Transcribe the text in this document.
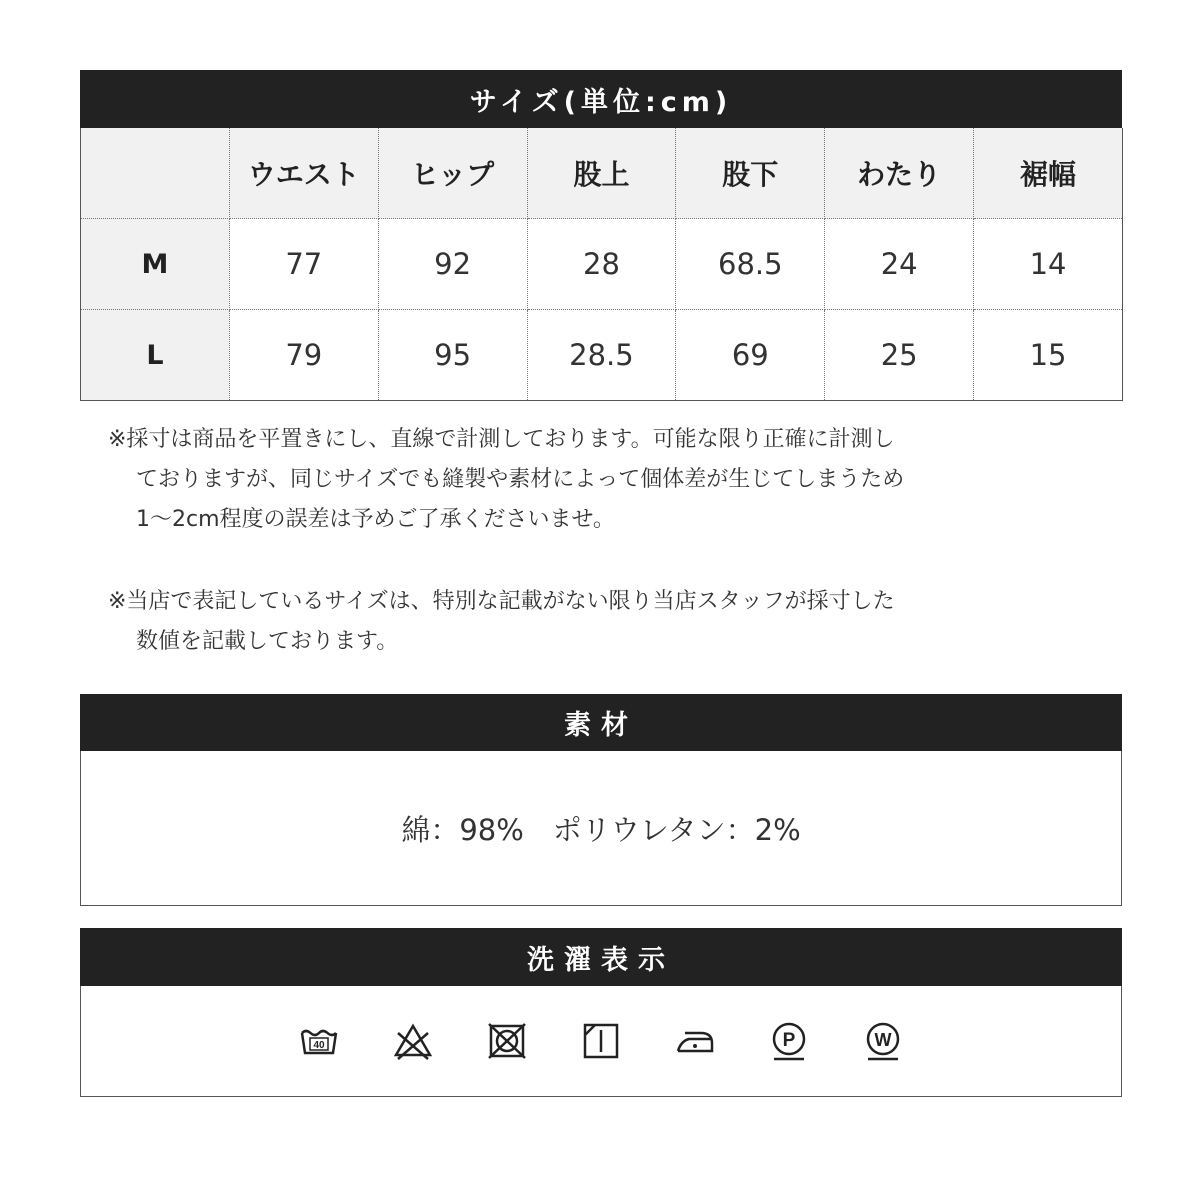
サイズ(単位:cm)
	ウエスト	ヒップ	股上	股下	わたり	裾幅
M	77	92	28	68.5	24	14
L	79	95	28.5	69	25	15

※採寸は商品を平置きにし、直線で計測しております。可能な限り正確に計測し
ておりますが、同じサイズでも縫製や素材によって個体差が生じてしまうため
1〜2cm程度の誤差は予めご了承くださいませ。

※当店で表記しているサイズは、特別な記載がない限り当店スタッフが採寸した
数値を記載しております。

素材
綿：98%　ポリウレタン：2%
洗濯表示
40	P	W
